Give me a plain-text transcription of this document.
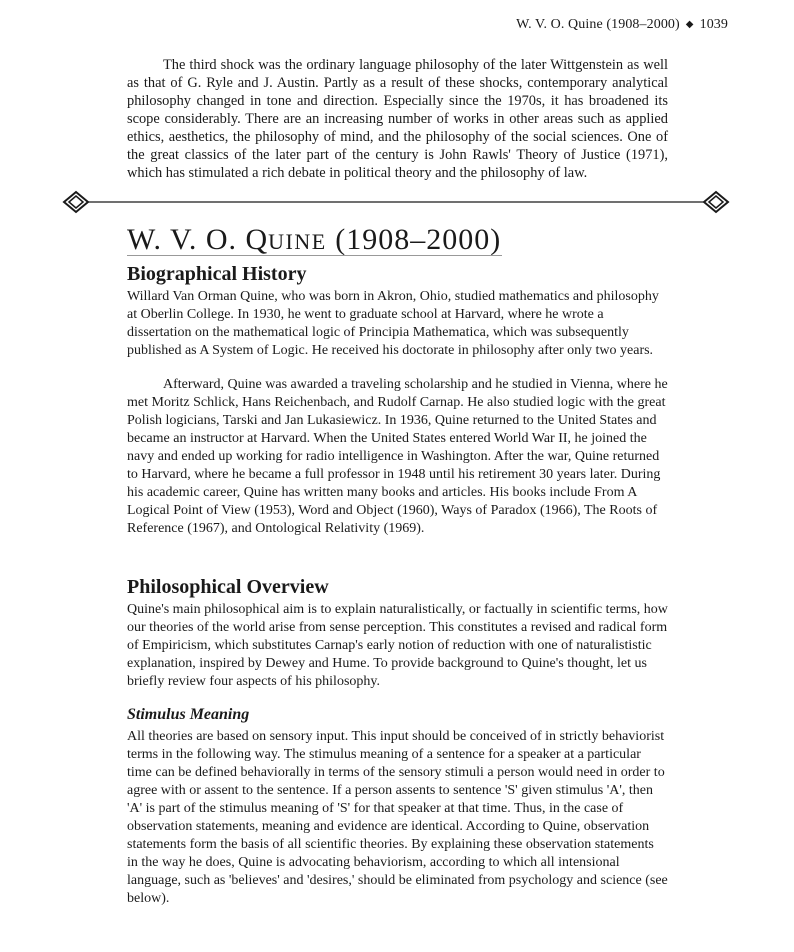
W. V. O. Quine (1908–2000) ◆ 1039

The third shock was the ordinary language philosophy of the later Wittgenstein as well as that of G. Ryle and J. Austin. Partly as a result of these shocks, contemporary analytical philosophy changed in tone and direction. Especially since the 1970s, it has broadened its scope considerably. There are an increasing number of works in other areas such as applied ethics, aesthetics, the philosophy of mind, and the philosophy of the social sciences. One of the great classics of the later part of the century is John Rawls' Theory of Justice (1971), which has stimulated a rich debate in political theory and the philosophy of law.

W. V. O. QUINE (1908–2000)
Biographical History

Willard Van Orman Quine, who was born in Akron, Ohio, studied mathematics and philosophy at Oberlin College. In 1930, he went to graduate school at Harvard, where he wrote a dissertation on the mathematical logic of Principia Mathematica, which was subsequently published as A System of Logic. He received his doctorate in philosophy after only two years.

Afterward, Quine was awarded a traveling scholarship and he studied in Vienna, where he met Moritz Schlick, Hans Reichenbach, and Rudolf Carnap. He also studied logic with the great Polish logicians, Tarski and Jan Lukasiewicz. In 1936, Quine returned to the United States and became an instructor at Harvard. When the United States entered World War II, he joined the navy and ended up working for radio intelligence in Washington. After the war, Quine returned to Harvard, where he became a full professor in 1948 until his retirement 30 years later. During his academic career, Quine has written many books and articles. His books include From A Logical Point of View (1953), Word and Object (1960), Ways of Paradox (1966), The Roots of Reference (1967), and Ontological Relativity (1969).

Philosophical Overview

Quine's main philosophical aim is to explain naturalistically, or factually in scientific terms, how our theories of the world arise from sense perception. This constitutes a revised and radical form of Empiricism, which substitutes Carnap's early notion of reduction with one of naturalististic explanation, inspired by Dewey and Hume. To provide background to Quine's thought, let us briefly review four aspects of his philosophy.

Stimulus Meaning

All theories are based on sensory input. This input should be conceived of in strictly behaviorist terms in the following way. The stimulus meaning of a sentence for a speaker at a particular time can be defined behaviorally in terms of the sensory stimuli a person would need in order to agree with or assent to the sentence. If a person assents to sentence 'S' given stimulus 'A', then 'A' is part of the stimulus meaning of 'S' for that speaker at that time. Thus, in the case of observation statements, meaning and evidence are identical. According to Quine, observation statements form the basis of all scientific theories. By explaining these observation statements in the way he does, Quine is advocating behaviorism, according to which all intensional language, such as 'believes' and 'desires,' should be eliminated from psychology and science (see below).
